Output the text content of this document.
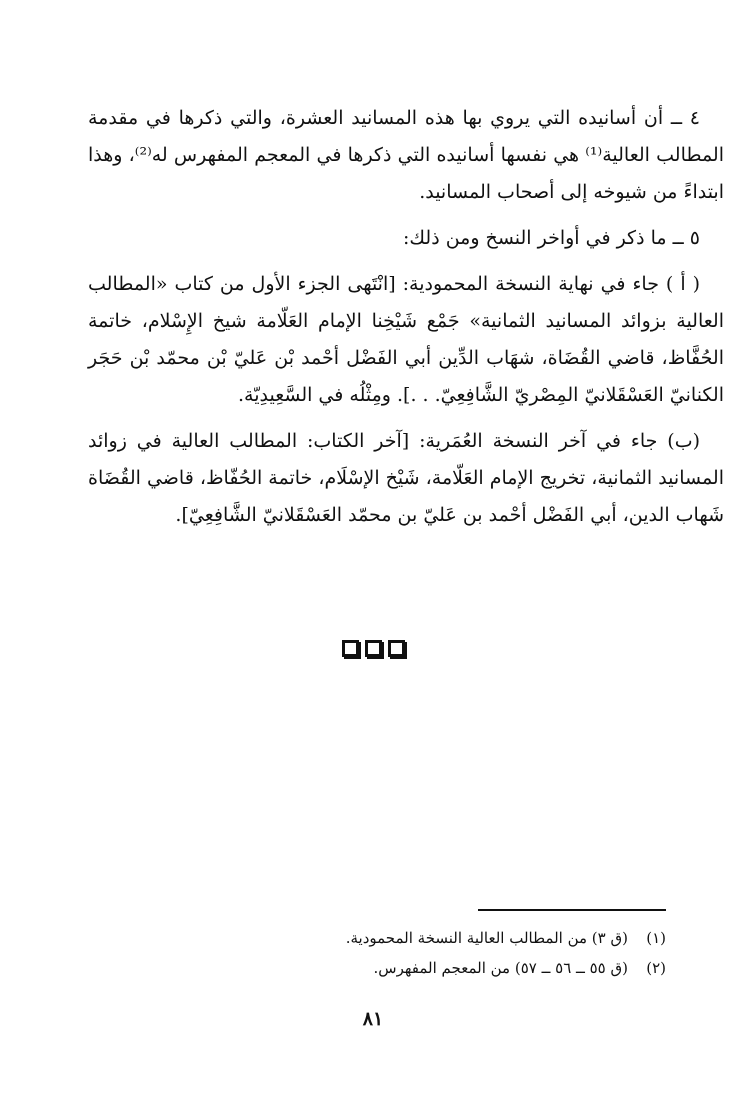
٤ ــ أن أسانيده التي يروي بها هذه المسانيد العشرة، والتي ذكرها في مقدمة المطالب العالية⁽¹⁾ هي نفسها أسانيده التي ذكرها في المعجم المفهرس له⁽²⁾، وهذا ابتداءً من شيوخه إلى أصحاب المسانيد.

٥ ــ ما ذكر في أواخر النسخ ومن ذلك:

( أ ) جاء في نهاية النسخة المحمودية: [انْتَهى الجزء الأول من كتاب «المطالب العالية بزوائد المسانيد الثمانية» جَمْع شَيْخِنا الإمام العَلّامة شيخ الإِسْلام، خاتمة الحُفَّاظ، قاضي القُضَاة، شهَاب الدِّين أبي الفَضْل أحْمد بْن عَليّ بْن محمّد بْن حَجَر الكنانيّ العَسْقَلانيّ المِصْريّ الشَّافِعِيّ. . .]. ومِثْلُه في السَّعِيدِيّة.

(ب) جاء في آخر النسخة العُمَرية: [آخر الكتاب: المطالب العالية في زوائد المسانيد الثمانية، تخريج الإمام العَلّامة، شَيْخ الإسْلَام، خاتمة الحُفّاظ، قاضي القُضَاة شَهاب الدين، أبي الفَضْل أحْمد بن عَليّ بن محمّد العَسْقَلانيّ الشَّافِعِيّ].

(١)(ق ٣) من المطالب العالية النسخة المحمودية.
(٢)(ق ٥٥ ــ ٥٦ ــ ٥٧) من المعجم المفهرس.
٨١
